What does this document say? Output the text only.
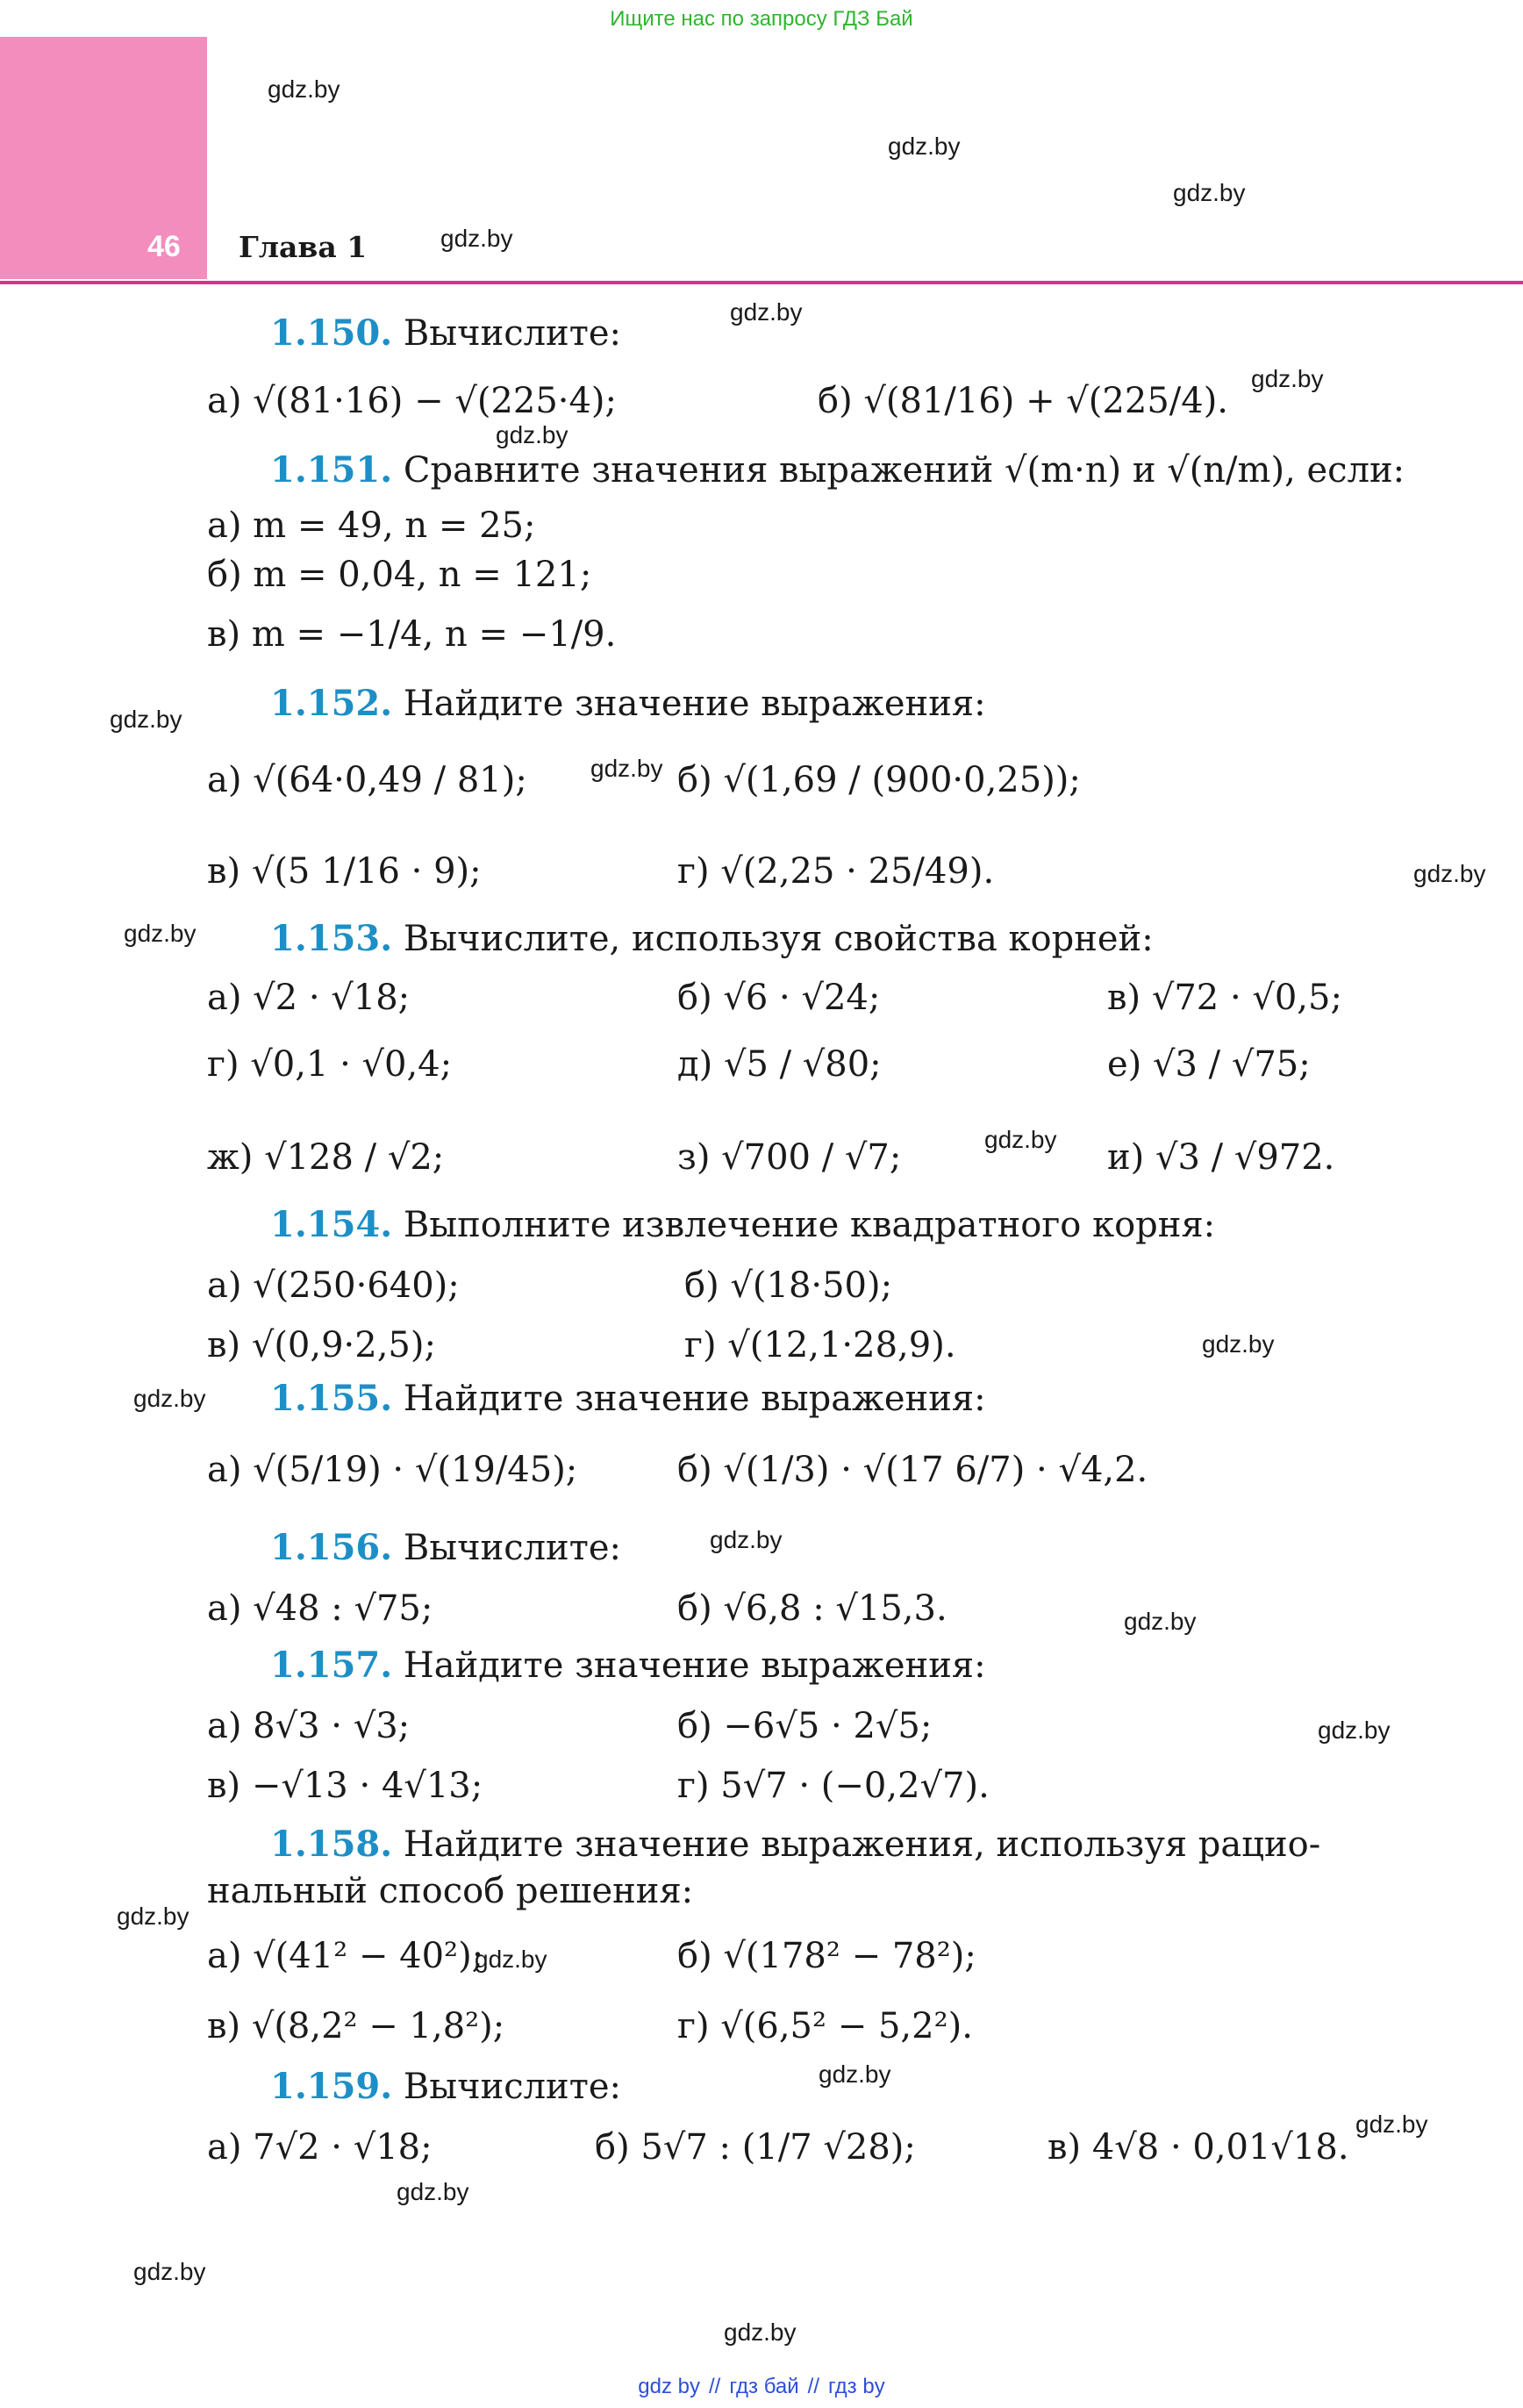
Ищите нас по запросу ГДЗ Бай
46 Глава 1
gdz.by
gdz.by
gdz.by
gdz.by
gdz.by
gdz.by
gdz.by
gdz.by
gdz.by
gdz.by
gdz.by
gdz.by
gdz.by
gdz.by
gdz.by
gdz.by
gdz.by
gdz.by
gdz.by
gdz.by
gdz.by
gdz.by
gdz.by
gdz.by
1.150. Вычислите:
а) √(81·16) − √(225·4);	б) √(81/16) + √(225/4).
1.151. Сравните значения выражений √(m·n) и √(n/m), если:
а) m = 49, n = 25;
б) m = 0,04, n = 121;
в) m = −1/4, n = −1/9.
1.152. Найдите значение выражения:
а) √(64·0,49 / 81);	б) √(1,69 / (900·0,25));
в) √(5 1/16 · 9);	г) √(2,25 · 25/49).
1.153. Вычислите, используя свойства корней:
а) √2 · √18;	б) √6 · √24;	в) √72 · √0,5;
г) √0,1 · √0,4;	д) √5 / √80;	е) √3 / √75;
ж) √128 / √2;	з) √700 / √7;	и) √3 / √972.
1.154. Выполните извлечение квадратного корня:
а) √(250·640);	б) √(18·50);
в) √(0,9·2,5);	г) √(12,1·28,9).
1.155. Найдите значение выражения:
а) √(5/19) · √(19/45);	б) √(1/3) · √(17 6/7) · √4,2.
1.156. Вычислите:
а) √48 : √75;	б) √6,8 : √15,3.
1.157. Найдите значение выражения:
а) 8√3 · √3;	б) −6√5 · 2√5;
в) −√13 · 4√13;	г) 5√7 · (−0,2√7).
1.158. Найдите значение выражения, используя рацио-
нальный способ решения:
а) √(41² − 40²);	б) √(178² − 78²);
в) √(8,2² − 1,8²);	г) √(6,5² − 5,2²).
1.159. Вычислите:
а) 7√2 · √18;	б) 5√7 : (1/7 √28);	в) 4√8 · 0,01√18.
gdz by // гдз бай // гдз by
